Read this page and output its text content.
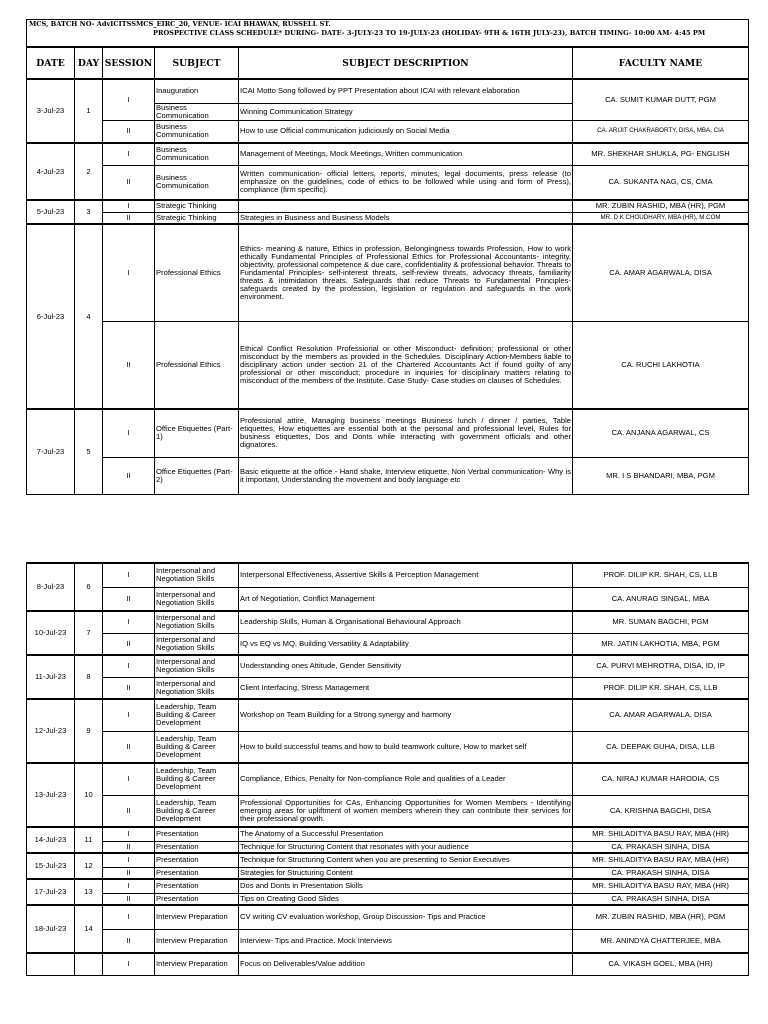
MCS, BATCH NO- AdvICITSSMCS_EIRC_20, VENUE- ICAI BHAWAN, RUSSELL ST.
PROSPECTIVE CLASS SCHEDULE* DURING- DATE- 3-JULY-23 TO 19-JULY-23 (HOLIDAY- 9TH & 16TH JULY-23), BATCH TIMING- 10:00 AM- 4:45 PM					

DATE	DAY	SESSION	SUBJECT	SUBJECT DESCRIPTION	FACULTY NAME
3-Jul-23	1	I	Inauguration	ICAI Motto Song followed by PPT Presentation about ICAI with relevant elaboration	CA. SUMIT KUMAR DUTT, PGM
			Business Communication	Winning Communication Strategy	
		II	Business Communication	How to use Official communication judiciously on Social Media	CA. ARIJIT CHAKRABORTY, DISA, MBA, CIA
4-Jul-23	2	I	Business Communication	Management of Meetings, Mock Meetings, Written communication	MR. SHEKHAR SHUKLA, PG- ENGLISH
		II	Business Communication	Written communication- official letters, reports, minutes, legal documents, press release (to emphasize on the guidelines, code of ethics to be followed while using and form of Press), compliance (firm specific).	CA. SUKANTA NAG, CS, CMA
5-Jul-23	3	I	Strategic Thinking		MR. ZUBIN RASHID, MBA (HR), PGM
		II	Strategic Thinking	Strategies in Business and Business Models	MR. D K CHOUDHARY, MBA (HR), M.COM
6-Jul-23	4	I	Professional Ethics	Ethics- meaning & nature, Ethics in profession, Belongingness towards Profession, How to work ethically Fundamental Principles of Professional Ethics for Professional Accountants- integrity, objectivity, professional competence & due care, confidentiality & professional behavior. Threats to Fundamental Principles- self-interest threats, self-review threats, advocacy threats, familiarity threats & intimidation threats. Safeguards that reduce Threats to Fundamental Principles-safeguards created by the profession, legislation or regulation and safeguards in the work environment.	CA. AMAR AGARWALA, DISA
		II	Professional Ethics	Ethical Conflict Resolution Professional or other Misconduct- definition; professional or other misconduct by the members as provided in the Schedules. Disciplinary Action-Members liable to disciplinary action under section 21 of the Chartered Accountants Act if found guilty of any professional or other misconduct; procedure in inquiries for disciplinary matters relating to misconduct of the members of the Institute. Case Study- Case studies on clauses of Schedules.	CA. RUCHI LAKHOTIA
7-Jul-23	5	I	Office Etiquettes (Part- 1)	Professional attire, Managing business meetings Business lunch / dinner / parties, Table etiquettes, How etiquettes are essential both at the personal and professional level, Rules for business etiquettes, Dos and Donts while interacting with government officials and other dignatores.	CA. ANJANA AGARWAL, CS
		II	Office Etiquettes (Part- 2)	Basic etiquette at the office - Hand shake, Interview etiquette, Non Verbal communication- Why is it important, Understanding the movement and body language etc	MR. I S BHANDARI, MBA, PGM
8-Jul-23	6	I	Interpersonal and Negotiation Skills	Interpersonal Effectiveness, Assertive Skills & Perception Management	PROF. DILIP KR. SHAH, CS, LLB
		II	Interpersonal and Negotiation Skills	Art of Negotiation, Conflict Management	CA. ANURAG SINGAL, MBA
10-Jul-23	7	I	Interpersonal and Negotiation Skills	Leadership Skills, Human & Organisational Behavioural Approach	MR. SUMAN BAGCHI, PGM
		II	Interpersonal and Negotiation Skills	IQ vs EQ vs MQ, Building Versatility & Adaptability	MR. JATIN LAKHOTIA, MBA, PGM
11-Jul-23	8	I	Interpersonal and Negotiation Skills	Understanding ones Attitude, Gender Sensitivity	CA. PURVI MEHROTRA, DISA, ID, IP
		II	Interpersonal and Negotiation Skills	Client Interfacing, Stress Management	PROF. DILIP KR. SHAH, CS, LLB
12-Jul-23	9	I	Leadership, Team Building & Career Development	Workshop on Team Building for a Strong synergy and harmony	CA. AMAR AGARWALA, DISA
		II	Leadership, Team Building & Career Development	How to build successful teams and how to build teamwork culture, How to market self	CA. DEEPAK GUHA, DISA, LLB
13-Jul-23	10	I	Leadership, Team Building & Career Development	Compliance, Ethics, Penalty for Non-compliance Role and qualities of a Leader	CA. NIRAJ KUMAR HARODIA, CS
		II	Leadership, Team Building & Career Development	Professional Opportunities for CAs, Enhancing Opportunities for Women Members - Identifying emerging areas for upliftment of women members wherein they can contribute their services for their professional growth.	CA. KRISHNA BAGCHI, DISA
14-Jul-23	11	I	Presentation	The Anatomy of a Successful Presentation	MR. SHILADITYA BASU RAY, MBA (HR)
		II	Presentation	Technique for Structuring Content that resonates with your audience	CA. PRAKASH SINHA, DISA
15-Jul-23	12	I	Presentation	Technique for Structuring Content when you are presenting to Senior Executives	MR. SHILADITYA BASU RAY, MBA (HR)
		II	Presentation	Strategies for Structuring Content	CA. PRAKASH SINHA, DISA
17-Jul-23	13	I	Presentation	Dos and Donts in Presentation Skills	MR. SHILADITYA BASU RAY, MBA (HR)
		II	Presentation	Tips on Creating Good Slides	CA. PRAKASH SINHA, DISA
18-Jul-23	14	I	Interview Preparation	CV writing CV evaluation workshop, Group Discussion- Tips and Practice	MR. ZUBIN RASHID, MBA (HR), PGM
		II	Interview Preparation	Interview- Tips and Practice. Mock Interviews	MR. ANINDYA CHATTERJEE, MBA
		I	Interview Preparation	Focus on Deliverables/Value addition	CA. VIKASH GOEL, MBA (HR)
